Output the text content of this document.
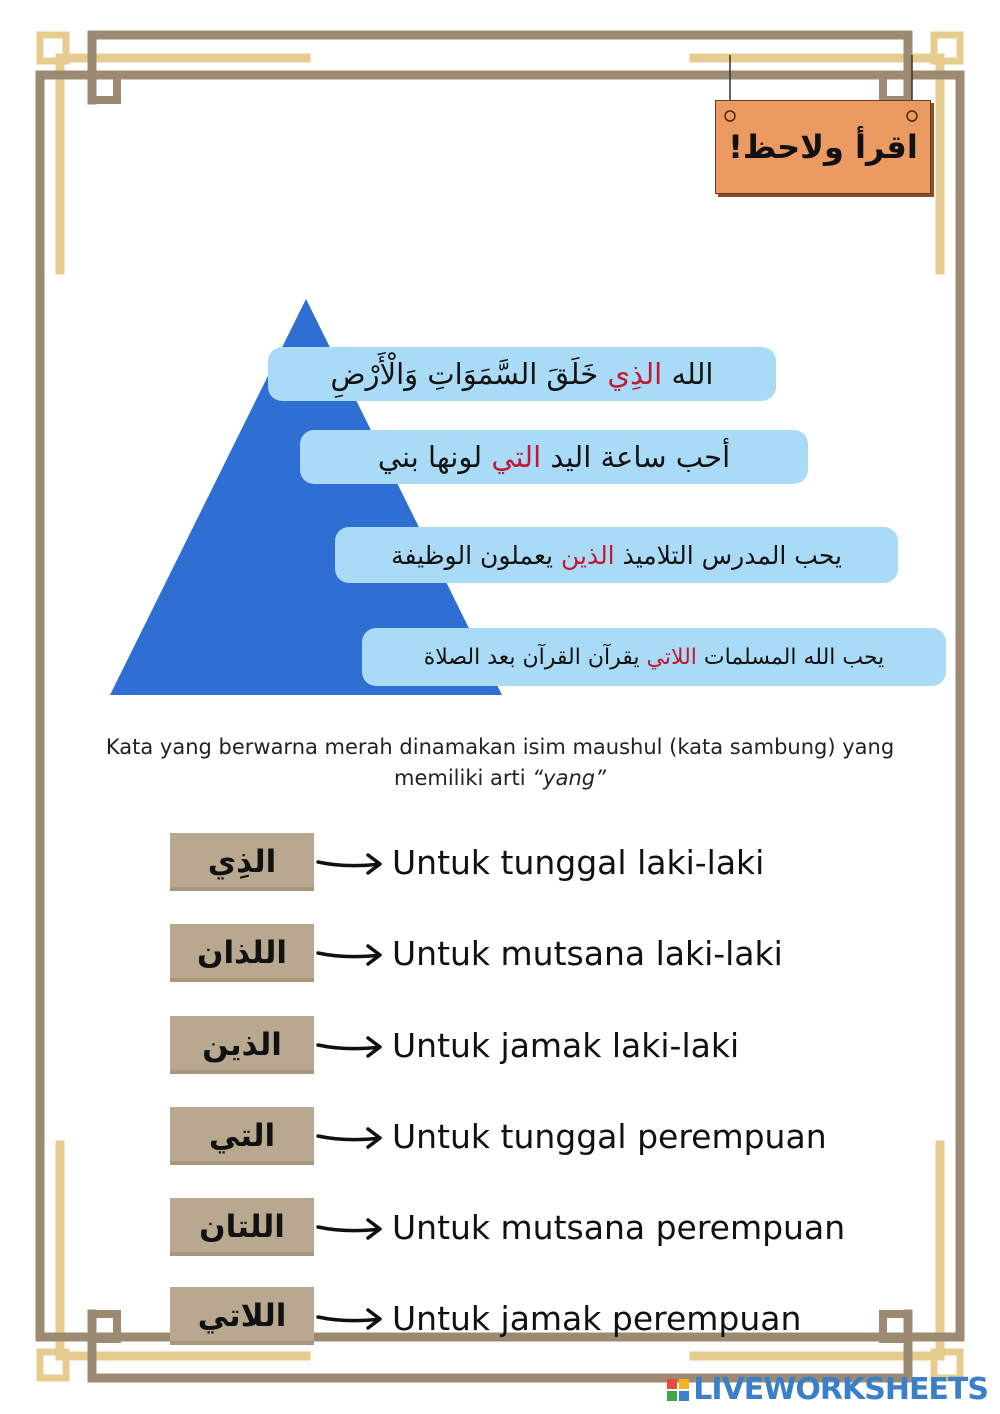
اقرأ ولاحظ!
الله الذِي خَلَقَ السَّمَوَاتِ وَالْأَرْضِ
أحب ساعة اليد التي لونها بني
يحب المدرس التلاميذ الذين يعملون الوظيفة
يحب الله المسلمات اللاتي يقرآن القرآن بعد الصلاة
Kata yang berwarna merah dinamakan isim maushul (kata sambung) yang
memiliki arti “yang”
الذِي	Untuk tunggal laki-laki
اللذان	Untuk mutsana laki-laki
الذين	Untuk jamak laki-laki
التي	Untuk tunggal perempuan
اللتان	Untuk mutsana perempuan
اللاتي	Untuk jamak perempuan
LIVEWORKSHEETS
